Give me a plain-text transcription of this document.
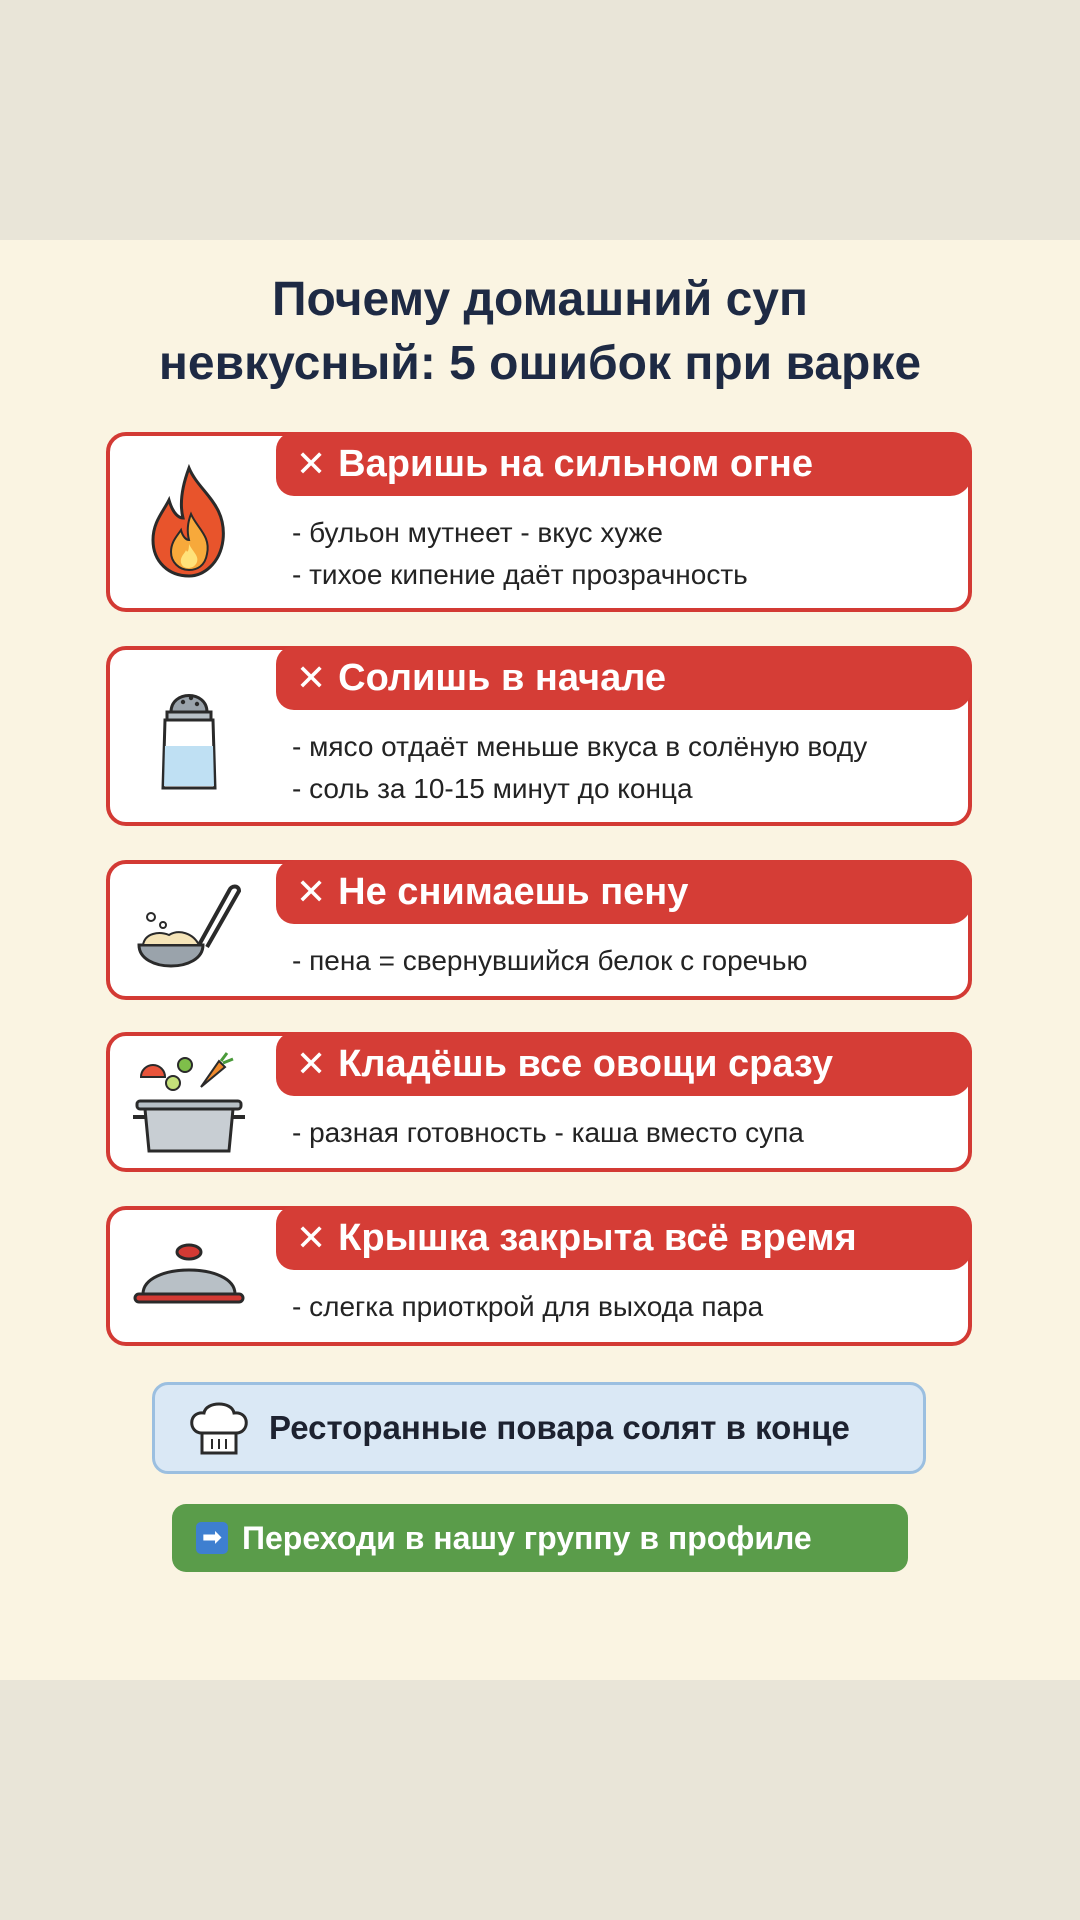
Почему домашний суп
невкусный: 5 ошибок при варке
✕ Варишь на сильном огне
- бульон мутнеет - вкус хуже
- тихое кипение даёт прозрачность
✕ Солишь в начале
- мясо отдаёт меньше вкуса в солёную воду
- соль за 10-15 минут до конца
✕ Не снимаешь пену
- пена = свернувшийся белок с горечью
✕ Кладёшь все овощи сразу
- разная готовность - каша вместо супа
✕ Крышка закрыта всё время
- слегка приоткрой для выхода пара
Ресторанные повара солят в конце
➡ Переходи в нашу группу в профиле
